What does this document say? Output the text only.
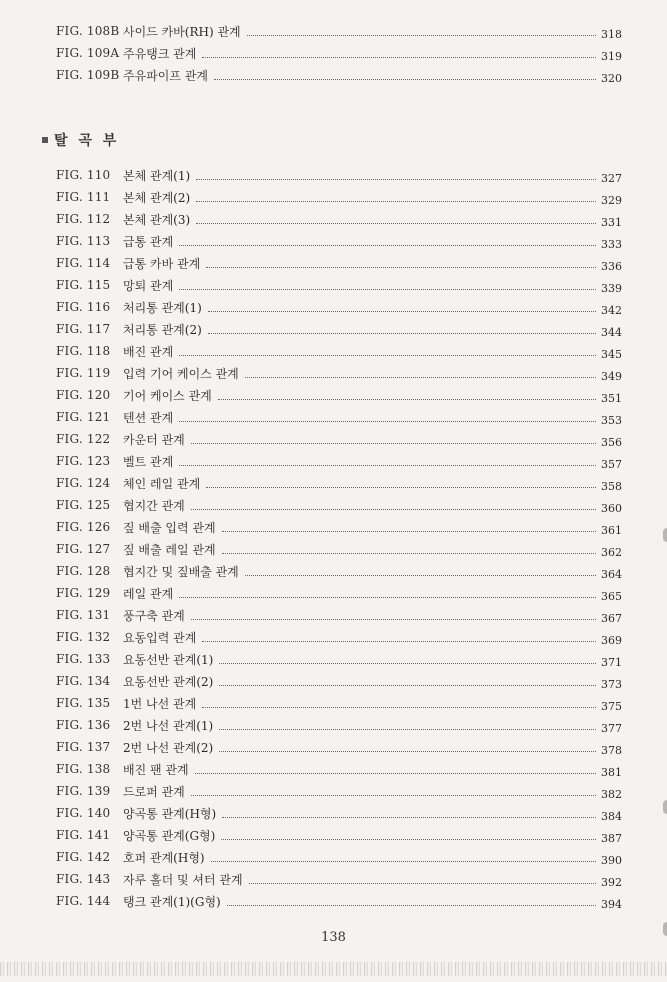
FIG. 108B 사이드 카바(RH) 관계	318
FIG. 109A 주유탱크 관계	319
FIG. 109B 주유파이프 관계	320
탈 곡 부
FIG. 110	본체 관계(1)	327
FIG. 111	본체 관계(2)	329
FIG. 112	본체 관계(3)	331
FIG. 113	급통 관계	333
FIG. 114	급통 카바 관계	336
FIG. 115	망퇴 관계	339
FIG. 116	처리통 관계(1)	342
FIG. 117	처리통 관계(2)	344
FIG. 118	배진 관계	345
FIG. 119	입력 기어 케이스 관계	349
FIG. 120	기어 케이스 관계	351
FIG. 121	텐션 관계	353
FIG. 122	카운터 관계	356
FIG. 123	벨트 관계	357
FIG. 124	체인 레일 관계	358
FIG. 125	협지간 관계	360
FIG. 126	짚 배출 입력 관계	361
FIG. 127	짚 배출 레일 관계	362
FIG. 128	협지간 및 짚배출 관계	364
FIG. 129	레일 관계	365
FIG. 131	풍구축 관계	367
FIG. 132	요동입력 관계	369
FIG. 133	요동선반 관계(1)	371
FIG. 134	요동선반 관계(2)	373
FIG. 135	1번 나선 관계	375
FIG. 136	2번 나선 관계(1)	377
FIG. 137	2번 나선 관계(2)	378
FIG. 138	배진 팬 관계	381
FIG. 139	드로퍼 관계	382
FIG. 140	양곡통 관계(H형)	384
FIG. 141	양곡통 관계(G형)	387
FIG. 142	호퍼 관계(H형)	390
FIG. 143	자루 홀더 및 셔터 관계	392
FIG. 144	탱크 관계(1)(G형)	394
138
